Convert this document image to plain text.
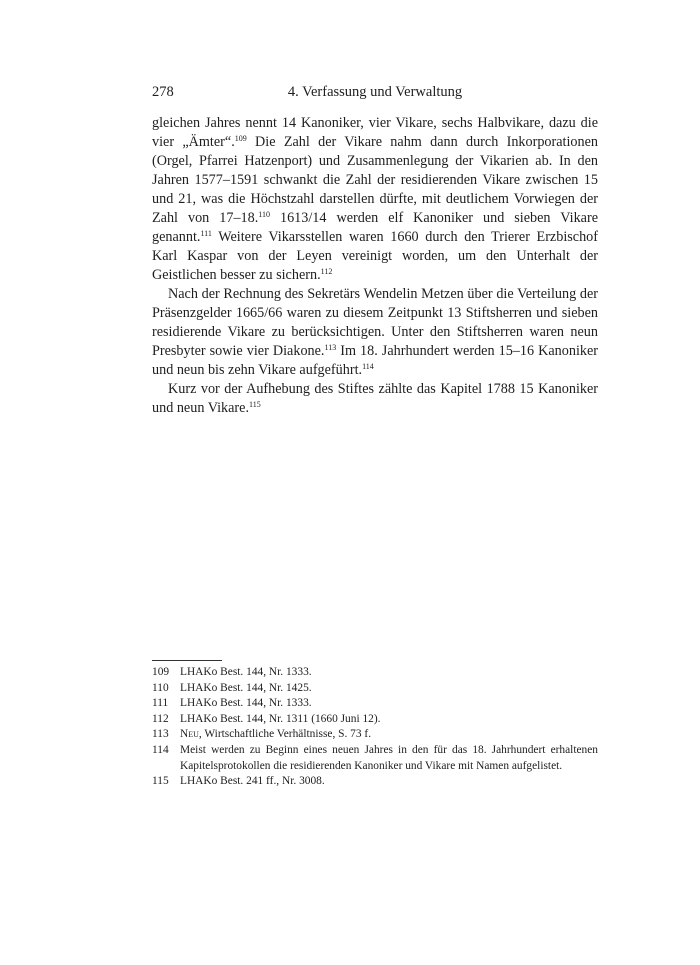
278	4. Verfassung und Verwaltung

gleichen Jahres nennt 14 Kanoniker, vier Vikare, sechs Halbvikare, dazu die vier „Ämter“.$^{109}$ Die Zahl der Vikare nahm dann durch Inkorporationen (Orgel, Pfarrei Hatzenport) und Zusammenlegung der Vikarien ab. In den Jahren 1577–1591 schwankt die Zahl der residierenden Vikare zwischen 15 und 21, was die Höchstzahl darstellen dürfte, mit deutlichem Vorwiegen der Zahl von 17–18.$^{110}$ 1613/14 werden elf Kanoniker und sieben Vikare genannt.$^{111}$ Weitere Vikarsstellen waren 1660 durch den Trierer Erzbischof Karl Kaspar von der Leyen vereinigt worden, um den Unterhalt der Geistlichen besser zu sichern.$^{112}$

Nach der Rechnung des Sekretärs Wendelin Metzen über die Verteilung der Präsenzgelder 1665/66 waren zu diesem Zeitpunkt 13 Stiftsherren und sieben residierende Vikare zu berücksichtigen. Unter den Stiftsherren waren neun Presbyter sowie vier Diakone.$^{113}$ Im 18. Jahrhundert werden 15–16 Kanoniker und neun bis zehn Vikare aufgeführt.$^{114}$

Kurz vor der Aufhebung des Stiftes zählte das Kapitel 1788 15 Kanoniker und neun Vikare.$^{115}$

109 LHAKo Best. 144, Nr. 1333.
110 LHAKo Best. 144, Nr. 1425.
111	LHAKo Best. 144, Nr. 1333.
112 LHAKo Best. 144, Nr. 1311 (1660 Juni 12).
113 Neu, Wirtschaftliche Verhältnisse, S. 73 f.
114 Meist werden zu Beginn eines neuen Jahres in den für das 18. Jahrhundert erhaltenen Kapitelsprotokollen die residierenden Kanoniker und Vikare mit Namen aufgelistet.
115 LHAKo Best. 241 ff., Nr. 3008.
